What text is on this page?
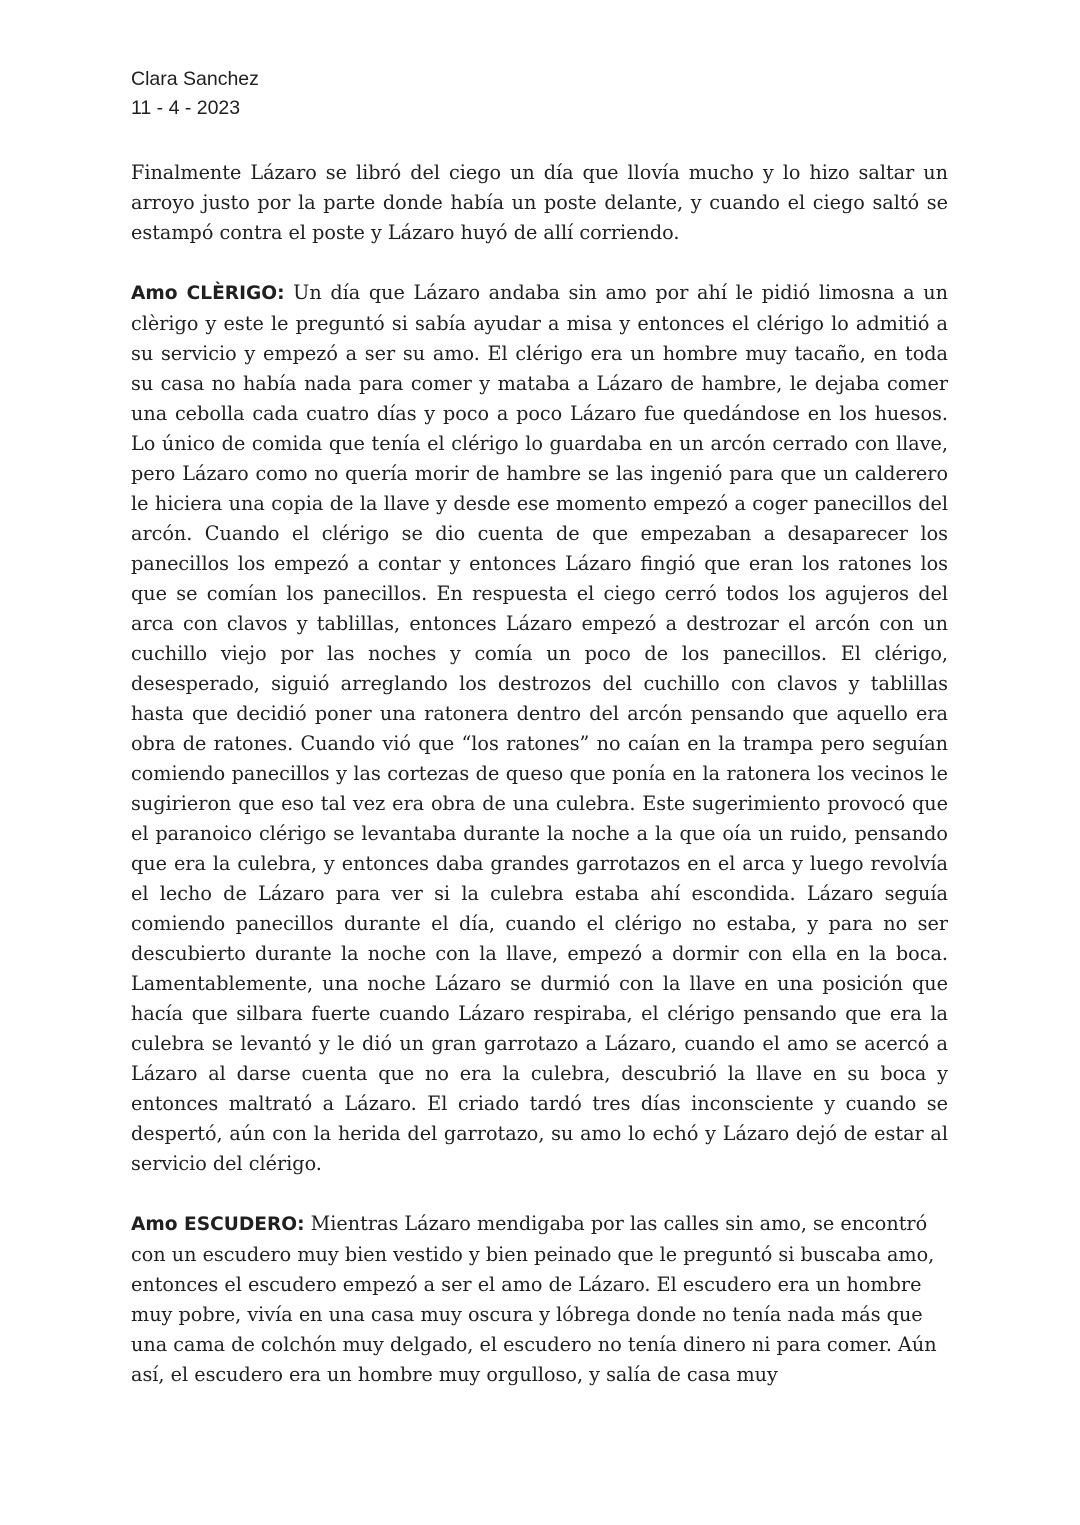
Clara Sanchez
11 - 4 - 2023

Finalmente Lázaro se libró del ciego un día que llovía mucho y lo hizo saltar un arroyo justo por la parte donde había un poste delante, y cuando el ciego saltó se estampó contra el poste y Lázaro huyó de allí corriendo.

Amo CLÈRIGO: Un día que Lázaro andaba sin amo por ahí le pidió limosna a un clèrigo y este le preguntó si sabía ayudar a misa y entonces el clérigo lo admitió a su servicio y empezó a ser su amo. El clérigo era un hombre muy tacaño, en toda su casa no había nada para comer y mataba a Lázaro de hambre, le dejaba comer una cebolla cada cuatro días y poco a poco Lázaro fue quedándose en los huesos. Lo único de comida que tenía el clérigo lo guardaba en un arcón cerrado con llave, pero Lázaro como no quería morir de hambre se las ingenió para que un calderero le hiciera una copia de la llave y desde ese momento empezó a coger panecillos del arcón. Cuando el clérigo se dio cuenta de que empezaban a desaparecer los panecillos los empezó a contar y entonces Lázaro fingió que eran los ratones los que se comían los panecillos. En respuesta el ciego cerró todos los agujeros del arca con clavos y tablillas, entonces Lázaro empezó a destrozar el arcón con un cuchillo viejo por las noches y comía un poco de los panecillos. El clérigo, desesperado, siguió arreglando los destrozos del cuchillo con clavos y tablillas hasta que decidió poner una ratonera dentro del arcón pensando que aquello era obra de ratones. Cuando vió que “los ratones” no caían en la trampa pero seguían comiendo panecillos y las cortezas de queso que ponía en la ratonera los vecinos le sugirieron que eso tal vez era obra de una culebra. Este sugerimiento provocó que el paranoico clérigo se levantaba durante la noche a la que oía un ruido, pensando que era la culebra, y entonces daba grandes garrotazos en el arca y luego revolvía el lecho de Lázaro para ver si la culebra estaba ahí escondida. Lázaro seguía comiendo panecillos durante el día, cuando el clérigo no estaba, y para no ser descubierto durante la noche con la llave, empezó a dormir con ella en la boca. Lamentablemente, una noche Lázaro se durmió con la llave en una posición que hacía que silbara fuerte cuando Lázaro respiraba, el clérigo pensando que era la culebra se levantó y le dió un gran garrotazo a Lázaro, cuando el amo se acercó a Lázaro al darse cuenta que no era la culebra, descubrió la llave en su boca y entonces maltrató a Lázaro. El criado tardó tres días inconsciente y cuando se despertó, aún con la herida del garrotazo, su amo lo echó y Lázaro dejó de estar al servicio del clérigo.

Amo ESCUDERO: Mientras Lázaro mendigaba por las calles sin amo, se encontró con un escudero muy bien vestido y bien peinado que le preguntó si buscaba amo, entonces el escudero empezó a ser el amo de Lázaro. El escudero era un hombre muy pobre, vivía en una casa muy oscura y lóbrega donde no tenía nada más que una cama de colchón muy delgado, el escudero no tenía dinero ni para comer. Aún así, el escudero era un hombre muy orgulloso, y salía de casa muy
